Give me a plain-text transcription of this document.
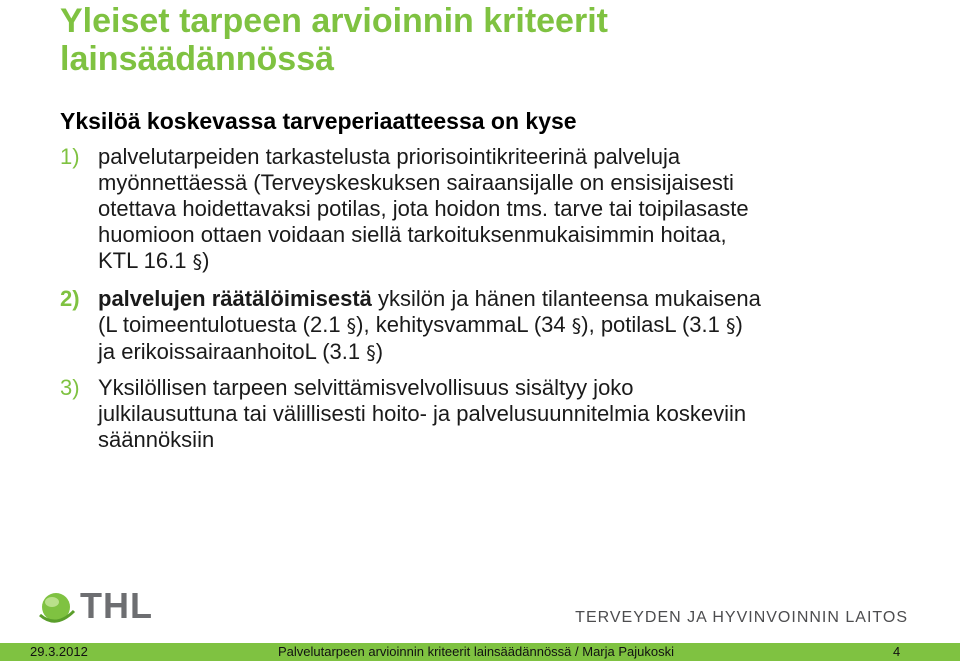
Yleiset tarpeen arvioinnin kriteerit
lainsäädännössä
Yksilöä koskevassa tarveperiaatteessa on kyse
1) palvelutarpeiden tarkastelusta priorisointikriteerinä palveluja
myönnettäessä (Terveyskeskuksen sairaansijalle on ensisijaisesti
otettava hoidettavaksi potilas, jota hoidon tms. tarve tai toipilasaste
huomioon ottaen voidaan siellä tarkoituksenmukaisimmin hoitaa,
KTL 16.1 §)
2) palvelujen räätälöimisestä yksilön ja hänen tilanteensa mukaisena
(L toimeentulotuesta (2.1 §), kehitysvammaL (34 §), potilasL (3.1 §)
ja erikoissairaanhoitoL (3.1 §)
3) Yksilöllisen tarpeen selvittämisvelvollisuus sisältyy joko
julkilausuttuna tai välillisesti hoito- ja palvelusuunnitelmia koskeviin
säännöksiin
THL	TERVEYDEN JA HYVINVOINNIN LAITOS
29.3.2012	Palvelutarpeen arvioinnin kriteerit lainsäädännössä / Marja Pajukoski	4
